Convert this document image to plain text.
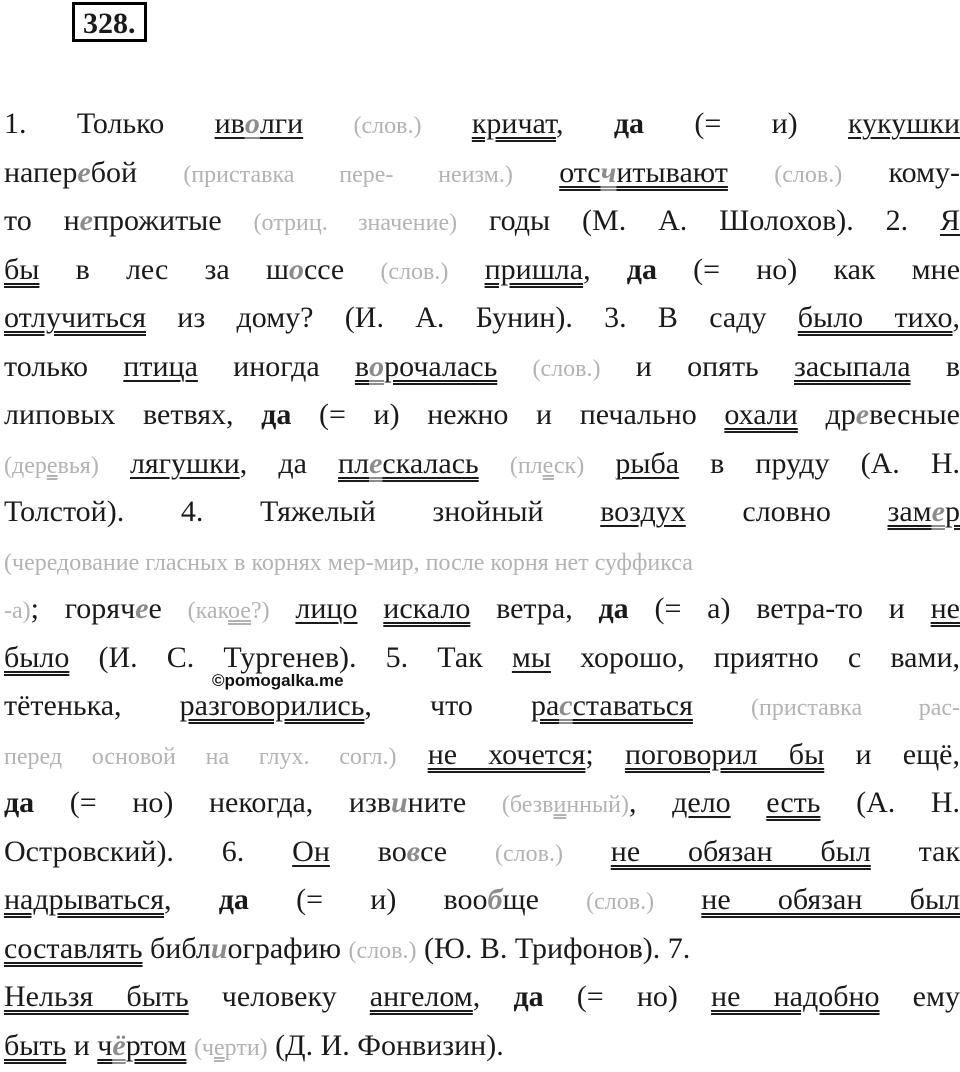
328.
1. Только иволги (слов.) кричат, да (= и) кукушки
наперебой (приставка пере- неизм.) отсчитывают (слов.) кому-
то непрожитые (отриц. значение) годы (М. А. Шолохов). 2. Я
бы в лес за шоссе (слов.) пришла, да (= но) как мне
отлучиться из дому? (И. А. Бунин). 3. В саду было тихо,
только птица иногда ворочалась (слов.) и опять засыпала в
липовых ветвях, да (= и) нежно и печально охали древесные
(деревья) лягушки, да плескалась (плеск) рыба в пруду (А. Н.
Толстой). 4. Тяжелый знойный воздух словно замер
(чередование гласных в корнях мер-мир, после корня нет суффикса
-а); горячее (какое?) лицо искало ветра, да (= а) ветра-то и не
было (И. С. Тургенев). 5. Так мы хорошо, приятно с вами,
тётенька, разговорились, что расставаться (приставка рас-
перед основой на глух. согл.) не хочется; поговорил бы и ещё,
да (= но) некогда, извините (безвинный), дело есть (А. Н.
Островский). 6. Он вовсе (слов.) не обязан был так
надрываться, да (= и) вообще (слов.) не обязан был
составлять библиографию (слов.) (Ю. В. Трифонов). 7.
Нельзя быть человеку ангелом, да (= но) не надобно ему
быть и чёртом (черти) (Д. И. Фонвизин).
©pomogalka.me
